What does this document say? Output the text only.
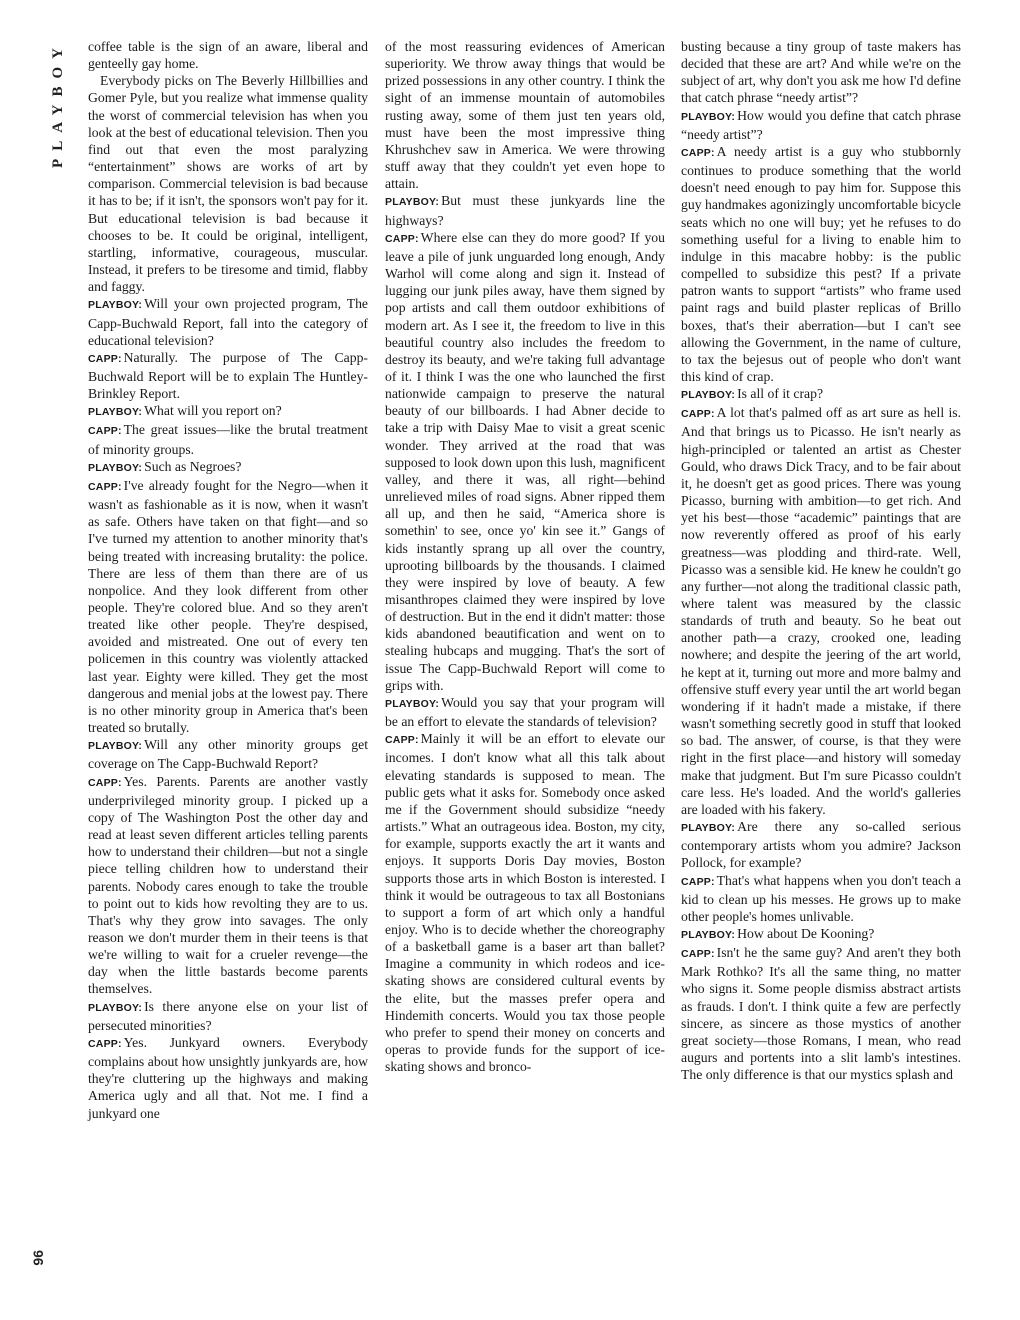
PLAYBOY
96

coffee table is the sign of an aware, liberal and genteelly gay home.

Everybody picks on The Beverly Hillbillies and Gomer Pyle, but you realize what immense quality the worst of commercial television has when you look at the best of educational television. Then you find out that even the most paralyzing “entertainment” shows are works of art by comparison. Commercial television is bad because it has to be; if it isn't, the sponsors won't pay for it. But educational television is bad because it chooses to be. It could be original, intelligent, startling, informative, courageous, muscular. Instead, it prefers to be tiresome and timid, flabby and faggy.

PLAYBOY: Will your own projected program, The Capp-Buchwald Report, fall into the category of educational television?

CAPP: Naturally. The purpose of The Capp-Buchwald Report will be to explain The Huntley-Brinkley Report.

PLAYBOY: What will you report on?

CAPP: The great issues—like the brutal treatment of minority groups.

PLAYBOY: Such as Negroes?

CAPP: I've already fought for the Negro—when it wasn't as fashionable as it is now, when it wasn't as safe. Others have taken on that fight—and so I've turned my attention to another minority that's being treated with increasing brutality: the police. There are less of them than there are of us nonpolice. And they look different from other people. They're colored blue. And so they aren't treated like other people. They're despised, avoided and mistreated. One out of every ten policemen in this country was violently attacked last year. Eighty were killed. They get the most dangerous and menial jobs at the lowest pay. There is no other minority group in America that's been treated so brutally.

PLAYBOY: Will any other minority groups get coverage on The Capp-Buchwald Report?

CAPP: Yes. Parents. Parents are another vastly underprivileged minority group. I picked up a copy of The Washington Post the other day and read at least seven different articles telling parents how to understand their children—but not a single piece telling children how to understand their parents. Nobody cares enough to take the trouble to point out to kids how revolting they are to us. That's why they grow into savages. The only reason we don't murder them in their teens is that we're willing to wait for a crueler revenge—the day when the little bastards become parents themselves.

PLAYBOY: Is there anyone else on your list of persecuted minorities?

CAPP: Yes. Junkyard owners. Everybody complains about how unsightly junkyards are, how they're cluttering up the highways and making America ugly and all that. Not me. I find a junkyard one

of the most reassuring evidences of American superiority. We throw away things that would be prized possessions in any other country. I think the sight of an immense mountain of automobiles rusting away, some of them just ten years old, must have been the most impressive thing Khrushchev saw in America. We were throwing stuff away that they couldn't yet even hope to attain.

PLAYBOY: But must these junkyards line the highways?

CAPP: Where else can they do more good? If you leave a pile of junk unguarded long enough, Andy Warhol will come along and sign it. Instead of lugging our junk piles away, have them signed by pop artists and call them outdoor exhibitions of modern art. As I see it, the freedom to live in this beautiful country also includes the freedom to destroy its beauty, and we're taking full advantage of it. I think I was the one who launched the first nationwide campaign to preserve the natural beauty of our billboards. I had Abner decide to take a trip with Daisy Mae to visit a great scenic wonder. They arrived at the road that was supposed to look down upon this lush, magnificent valley, and there it was, all right—behind unrelieved miles of road signs. Abner ripped them all up, and then he said, “America shore is somethin' to see, once yo' kin see it.” Gangs of kids instantly sprang up all over the country, uprooting billboards by the thousands. I claimed they were inspired by love of beauty. A few misanthropes claimed they were inspired by love of destruction. But in the end it didn't matter: those kids abandoned beautification and went on to stealing hubcaps and mugging. That's the sort of issue The Capp-Buchwald Report will come to grips with.

PLAYBOY: Would you say that your program will be an effort to elevate the standards of television?

CAPP: Mainly it will be an effort to elevate our incomes. I don't know what all this talk about elevating standards is supposed to mean. The public gets what it asks for. Somebody once asked me if the Government should subsidize “needy artists.” What an outrageous idea. Boston, my city, for example, supports exactly the art it wants and enjoys. It supports Doris Day movies, Boston supports those arts in which Boston is interested. I think it would be outrageous to tax all Bostonians to support a form of art which only a handful enjoy. Who is to decide whether the choreography of a basketball game is a baser art than ballet? Imagine a community in which rodeos and ice-skating shows are considered cultural events by the elite, but the masses prefer opera and Hindemith concerts. Would you tax those people who prefer to spend their money on concerts and operas to provide funds for the support of ice-skating shows and bronco-

busting because a tiny group of taste makers has decided that these are art? And while we're on the subject of art, why don't you ask me how I'd define that catch phrase “needy artist”?

PLAYBOY: How would you define that catch phrase “needy artist”?

CAPP: A needy artist is a guy who stubbornly continues to produce something that the world doesn't need enough to pay him for. Suppose this guy handmakes agonizingly uncomfortable bicycle seats which no one will buy; yet he refuses to do something useful for a living to enable him to indulge in this macabre hobby: is the public compelled to subsidize this pest? If a private patron wants to support “artists” who frame used paint rags and build plaster replicas of Brillo boxes, that's their aberration—but I can't see allowing the Government, in the name of culture, to tax the bejesus out of people who don't want this kind of crap.

PLAYBOY: Is all of it crap?

CAPP: A lot that's palmed off as art sure as hell is. And that brings us to Picasso. He isn't nearly as high-principled or talented an artist as Chester Gould, who draws Dick Tracy, and to be fair about it, he doesn't get as good prices. There was young Picasso, burning with ambition—to get rich. And yet his best—those “academic” paintings that are now reverently offered as proof of his early greatness—was plodding and third-rate. Well, Picasso was a sensible kid. He knew he couldn't go any further—not along the traditional classic path, where talent was measured by the classic standards of truth and beauty. So he beat out another path—a crazy, crooked one, leading nowhere; and despite the jeering of the art world, he kept at it, turning out more and more balmy and offensive stuff every year until the art world began wondering if it hadn't made a mistake, if there wasn't something secretly good in stuff that looked so bad. The answer, of course, is that they were right in the first place—and history will someday make that judgment. But I'm sure Picasso couldn't care less. He's loaded. And the world's galleries are loaded with his fakery.

PLAYBOY: Are there any so-called serious contemporary artists whom you admire? Jackson Pollock, for example?

CAPP: That's what happens when you don't teach a kid to clean up his messes. He grows up to make other people's homes unlivable.

PLAYBOY: How about De Kooning?

CAPP: Isn't he the same guy? And aren't they both Mark Rothko? It's all the same thing, no matter who signs it. Some people dismiss abstract artists as frauds. I don't. I think quite a few are perfectly sincere, as sincere as those mystics of another great society—those Romans, I mean, who read augurs and portents into a slit lamb's intestines. The only difference is that our mystics splash and
